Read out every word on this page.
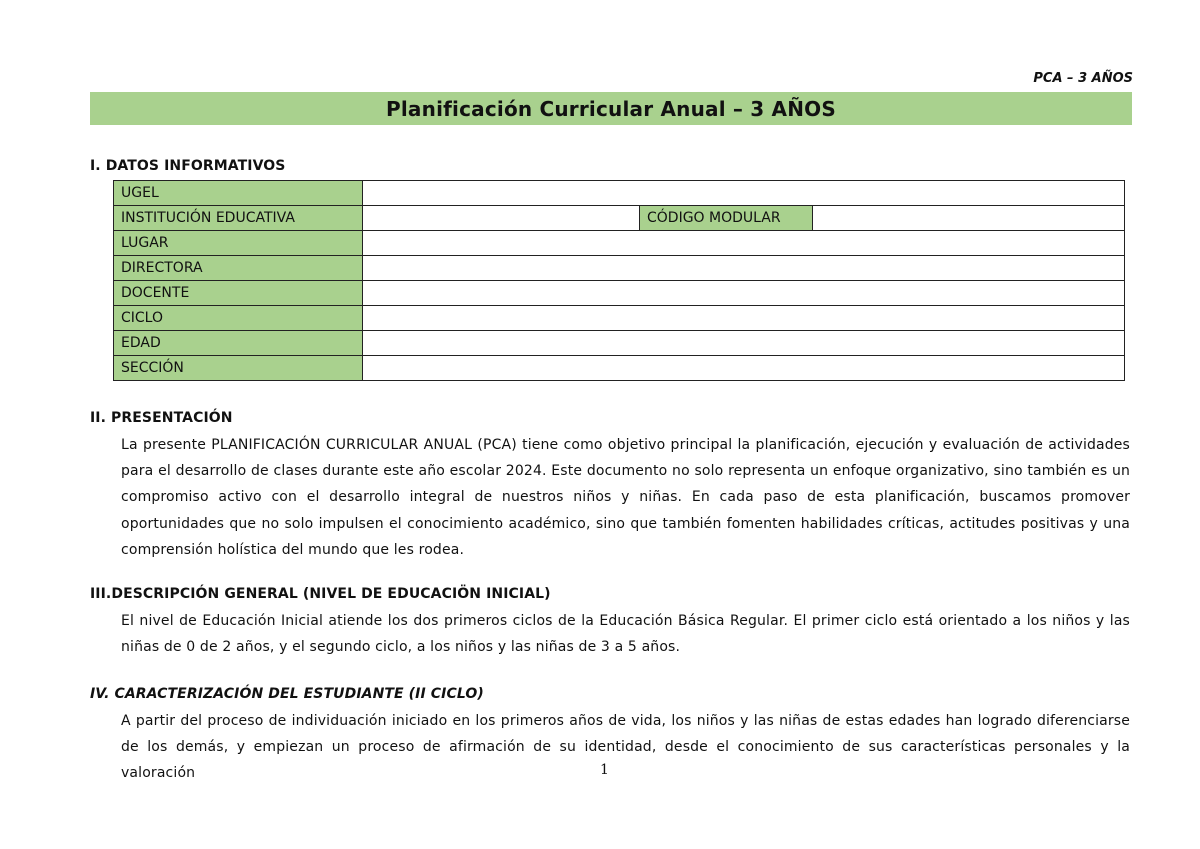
PCA – 3 AÑOS
Planificación Curricular Anual – 3 AÑOS
I. DATOS INFORMATIVOS
UGEL			
INSTITUCIÓN EDUCATIVA		CÓDIGO MODULAR	
LUGAR			
DIRECTORA			
DOCENTE			
CICLO			
EDAD			
SECCIÓN			
II. PRESENTACIÓN
La presente PLANIFICACIÓN CURRICULAR ANUAL (PCA) tiene como objetivo principal la planificación, ejecución y evaluación de actividades para el desarrollo de clases durante este año escolar 2024. Este documento no solo representa un enfoque organizativo, sino también es un compromiso activo con el desarrollo integral de nuestros niños y niñas. En cada paso de esta planificación, buscamos promover oportunidades que no solo impulsen el conocimiento académico, sino que también fomenten habilidades críticas, actitudes positivas y una comprensión holística del mundo que les rodea.
III.DESCRIPCIÓN GENERAL (NIVEL DE EDUCACIÖN INICIAL)
El nivel de Educación Inicial atiende los dos primeros ciclos de la Educación Básica Regular. El primer ciclo está orientado a los niños y las niñas de 0 de 2 años, y el segundo ciclo, a los niños y las niñas de 3 a 5 años.
IV. CARACTERIZACIÓN DEL ESTUDIANTE (II CICLO)
A partir del proceso de individuación iniciado en los primeros años de vida, los niños y las niñas de estas edades han logrado diferenciarse de los demás, y empiezan un proceso de afirmación de su identidad, desde el conocimiento de sus características personales y la valoración	1
